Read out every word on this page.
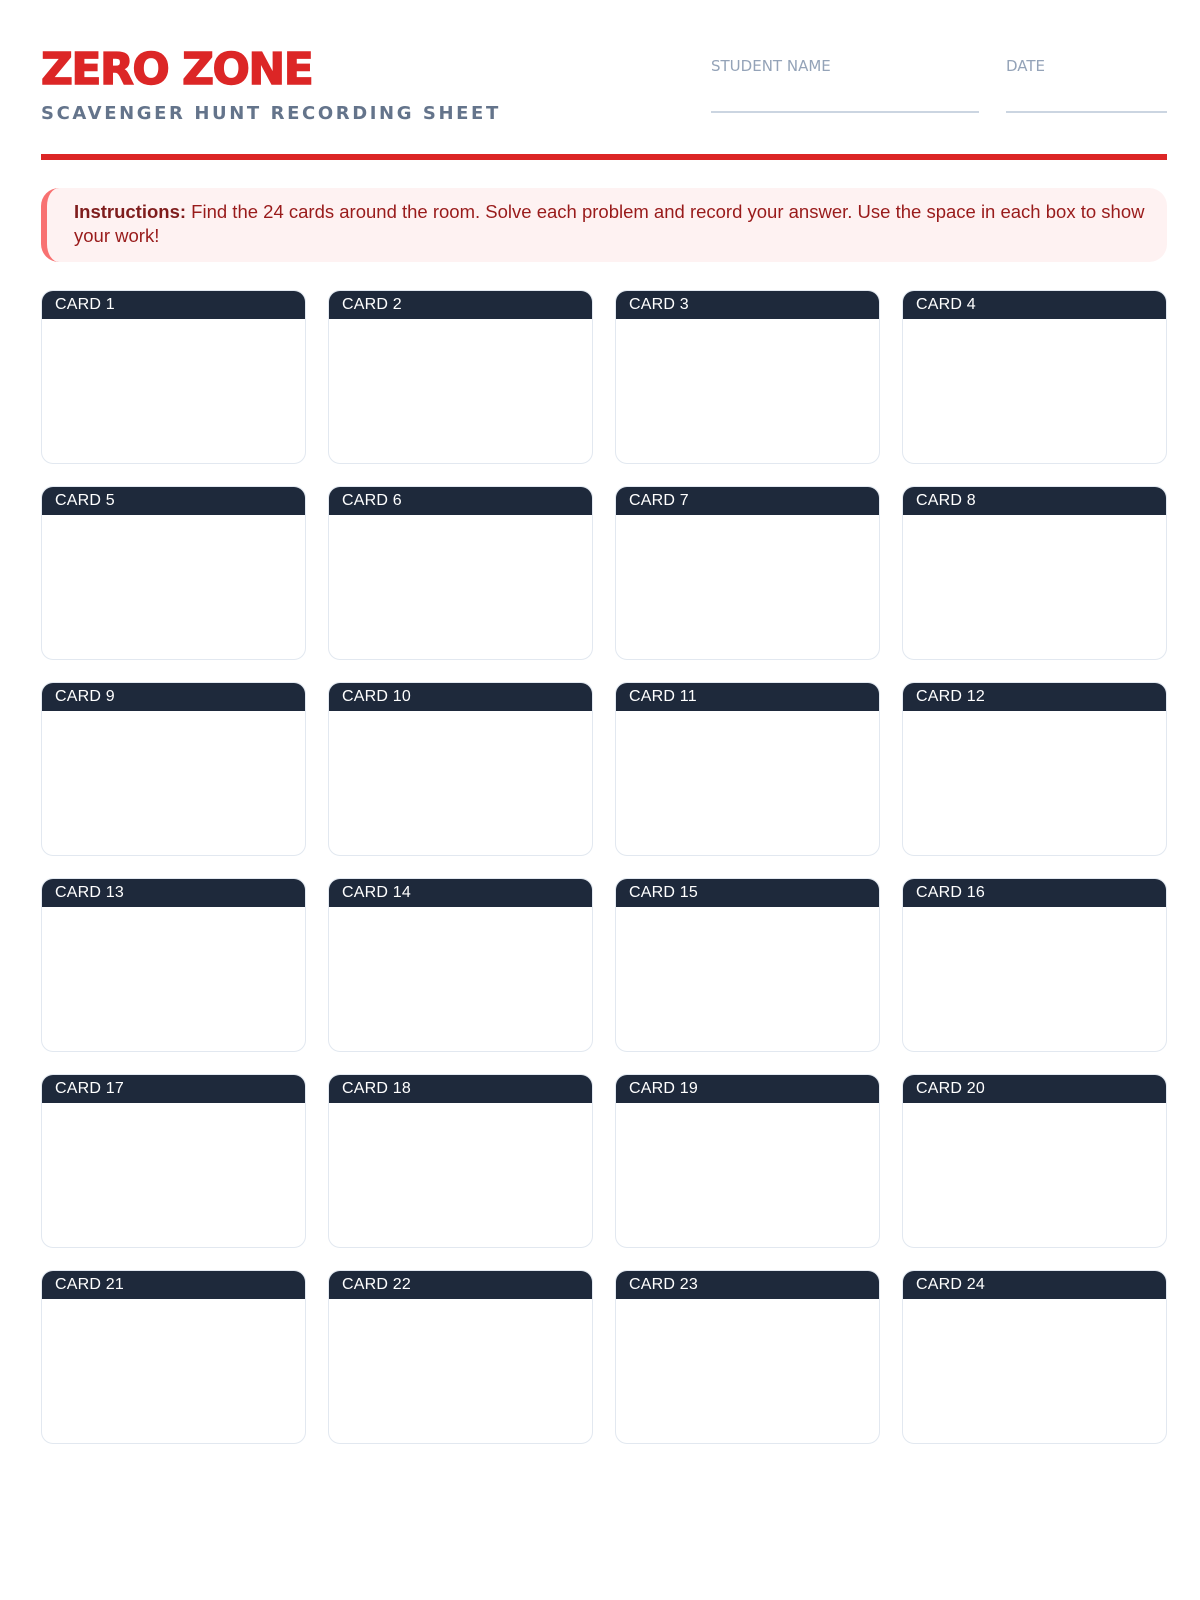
ZERO ZONE
SCAVENGER HUNT RECORDING SHEET
STUDENT NAME	DATE
Instructions: Find the 24 cards around the room. Solve each problem and record your answer. Use the space in each box to show your work!
CARD 1	CARD 2	CARD 3	CARD 4
CARD 5	CARD 6	CARD 7	CARD 8
CARD 9	CARD 10	CARD 11	CARD 12
CARD 13	CARD 14	CARD 15	CARD 16
CARD 17	CARD 18	CARD 19	CARD 20
CARD 21	CARD 22	CARD 23	CARD 24
